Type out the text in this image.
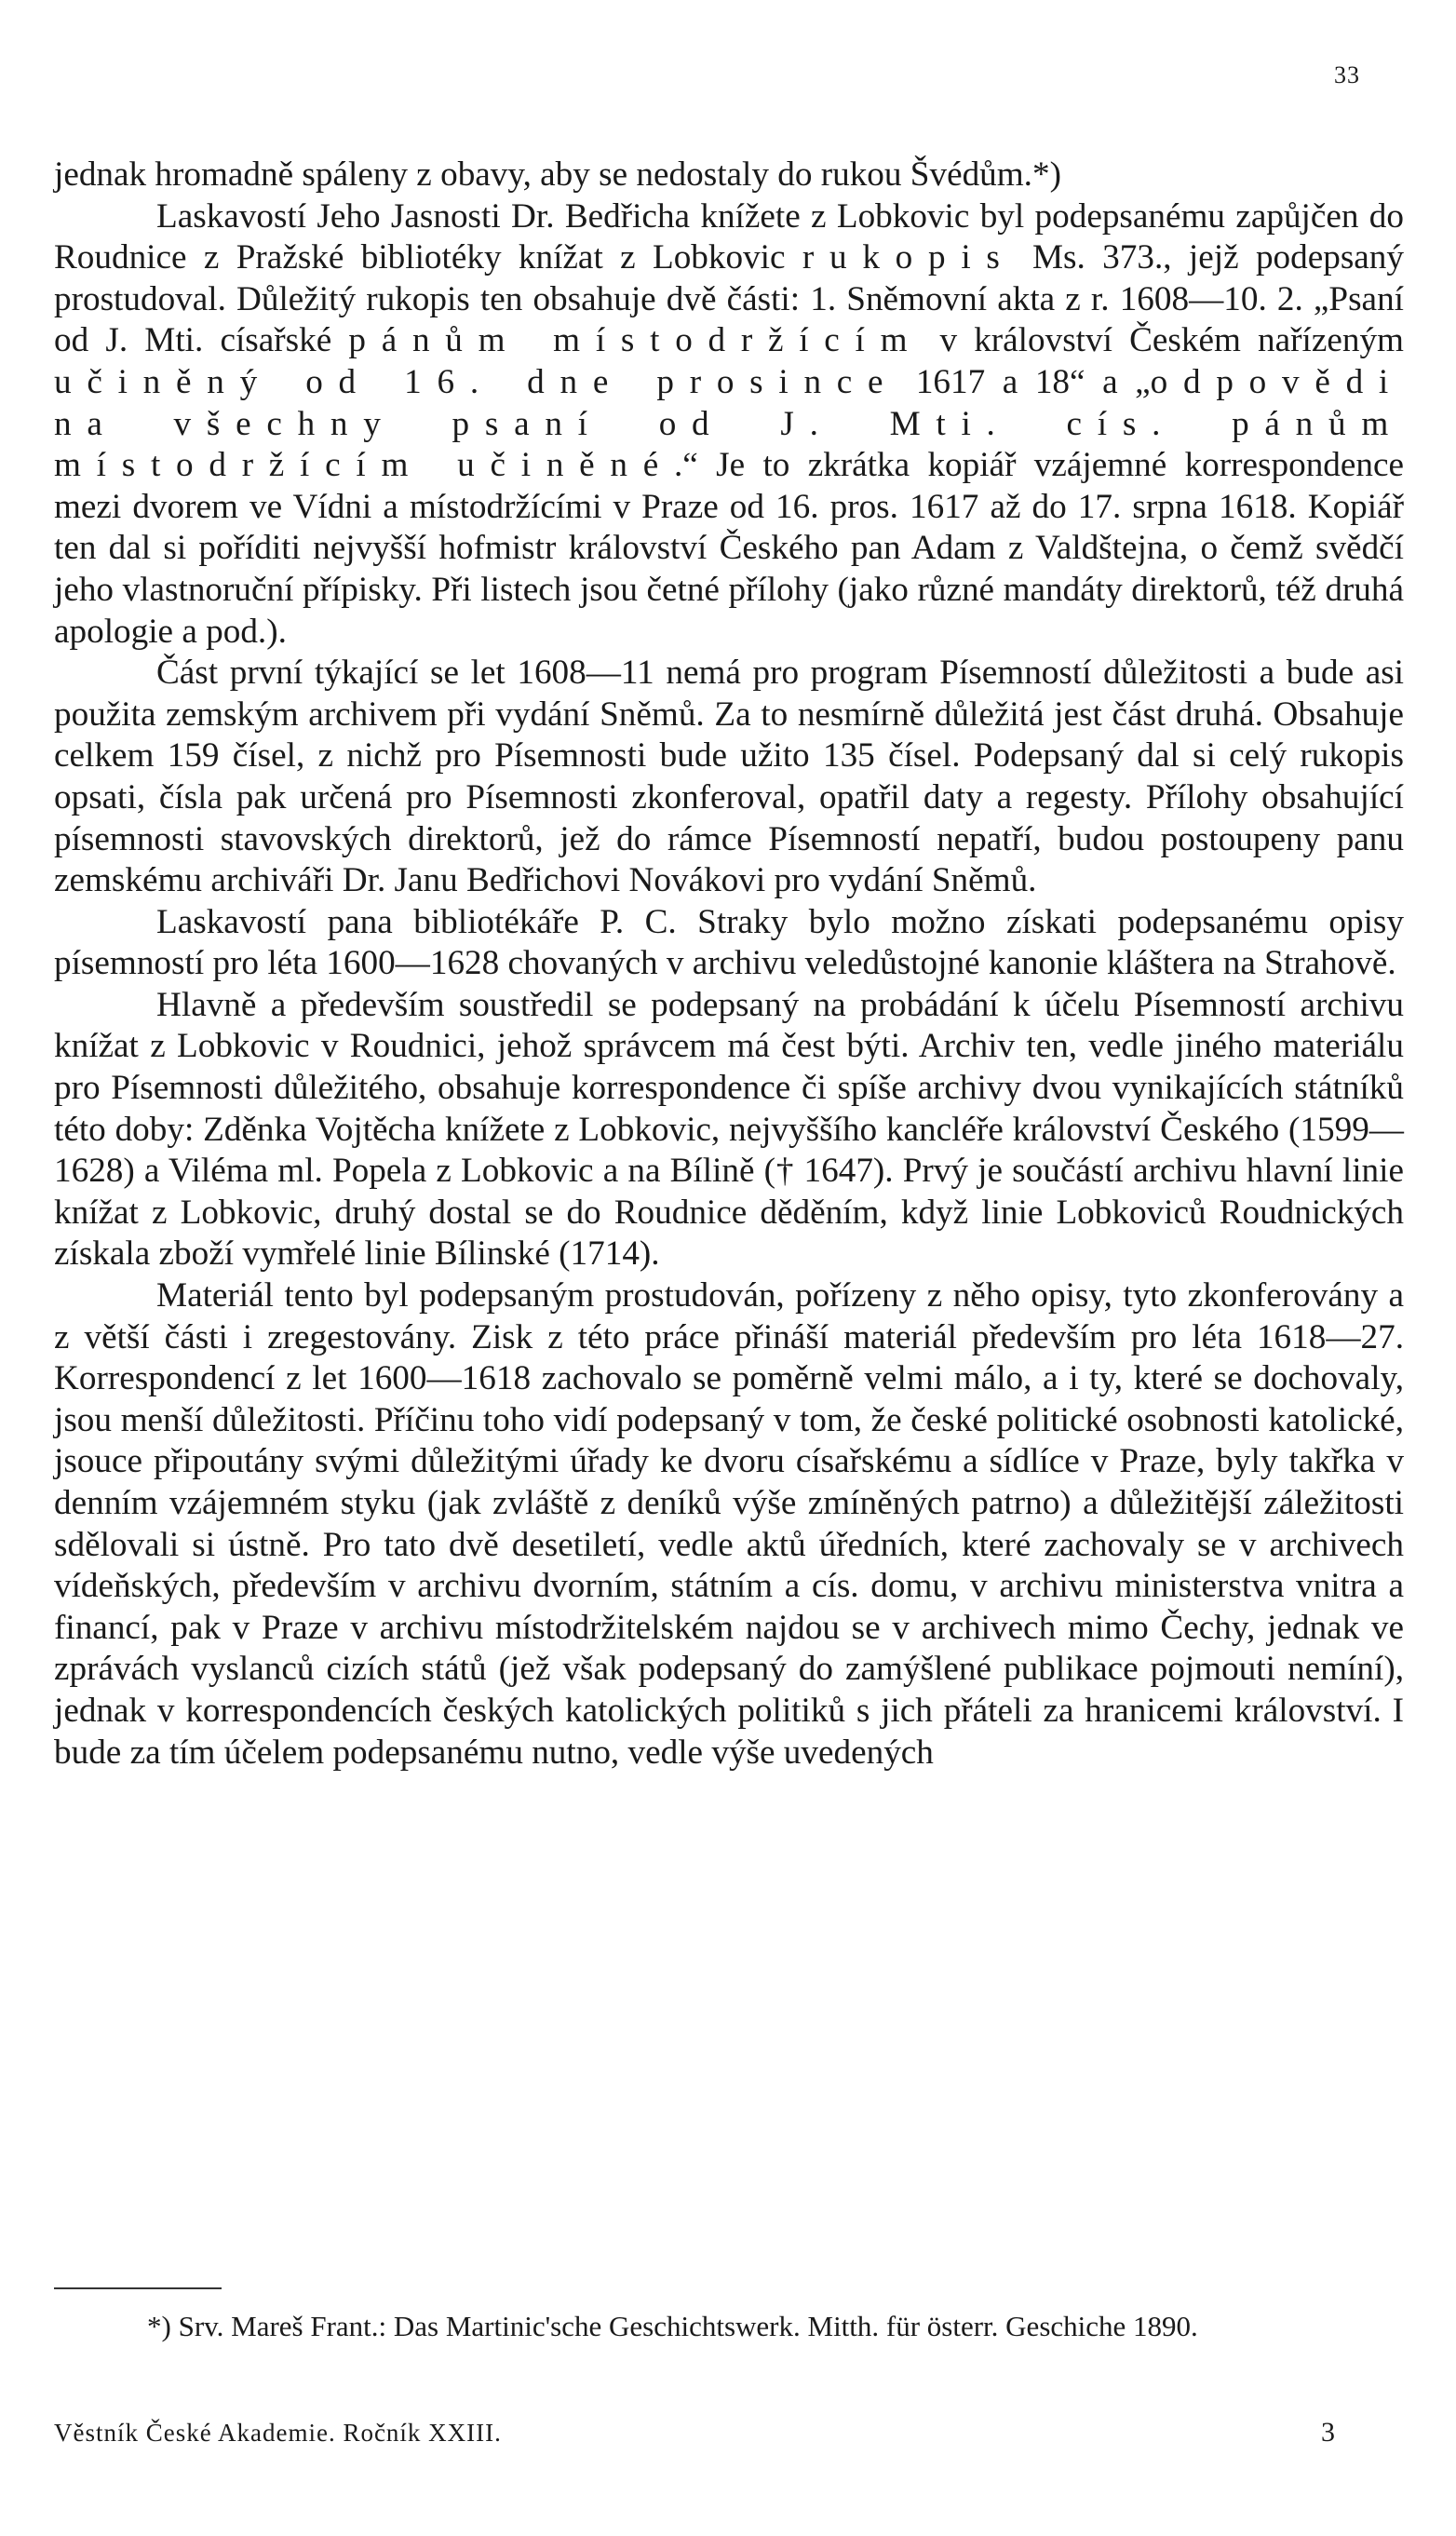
33

jednak hromadně spáleny z obavy, aby se nedostaly do rukou Švédům.*)

Laskavostí Jeho Jasnosti Dr. Bedřicha knížete z Lobkovic byl podepsanému zapůjčen do Roudnice z Pražské bibliotéky knížat z Lobkovic rukopis Ms. 373., jejž podepsaný prostudoval. Důležitý rukopis ten obsahuje dvě části: 1. Sněmovní akta z r. 1608—10. 2. „Psaní od J. Mti. císařské pánům místodržícím v království Českém nařízeným učiněný od 16. dne prosince 1617 a 18“ a „odpovědi na všechny psaní od J. Mti. cís. pánům místodržícím učiněné.“ Je to zkrátka kopiář vzájemné korrespondence mezi dvorem ve Vídni a místodržícími v Praze od 16. pros. 1617 až do 17. srpna 1618. Kopiář ten dal si poříditi nejvyšší hofmistr království Českého pan Adam z Valdštejna, o čemž svědčí jeho vlastnoruční přípisky. Při listech jsou četné přílohy (jako různé mandáty direktorů, též druhá apologie a pod.).

Část první týkající se let 1608—11 nemá pro program Písemností důležitosti a bude asi použita zemským archivem při vydání Sněmů. Za to nesmírně důležitá jest část druhá. Obsahuje celkem 159 čísel, z nichž pro Písemnosti bude užito 135 čísel. Podepsaný dal si celý rukopis opsati, čísla pak určená pro Písemnosti zkonferoval, opatřil daty a regesty. Přílohy obsahující písemnosti stavovských direktorů, jež do rámce Písemností nepatří, budou postoupeny panu zemskému archiváři Dr. Janu Bedřichovi Novákovi pro vydání Sněmů.

Laskavostí pana bibliotékáře P. C. Straky bylo možno získati podepsanému opisy písemností pro léta 1600—1628 chovaných v archivu veledůstojné kanonie kláštera na Strahově.

Hlavně a především soustředil se podepsaný na probádání k účelu Písemností archivu knížat z Lobkovic v Roudnici, jehož správcem má čest býti. Archiv ten, vedle jiného materiálu pro Písemnosti důležitého, obsahuje korrespondence či spíše archivy dvou vynikajících státníků této doby: Zděnka Vojtěcha knížete z Lobkovic, nejvyššího kancléře království Českého (1599—1628) a Viléma ml. Popela z Lobkovic a na Bílině († 1647). Prvý je součástí archivu hlavní linie knížat z Lobkovic, druhý dostal se do Roudnice děděním, když linie Lobkoviců Roudnických získala zboží vymřelé linie Bílinské (1714).

Materiál tento byl podepsaným prostudován, pořízeny z něho opisy, tyto zkonferovány a z větší části i zregestovány. Zisk z této práce přináší materiál především pro léta 1618—27. Korrespondencí z let 1600—1618 zachovalo se poměrně velmi málo, a i ty, které se dochovaly, jsou menší důležitosti. Příčinu toho vidí podepsaný v tom, že české politické osobnosti katolické, jsouce připoutány svými důležitými úřady ke dvoru císařskému a sídlíce v Praze, byly takřka v denním vzájemném styku (jak zvláště z deníků výše zmíněných patrno) a důležitější záležitosti sdělovali si ústně. Pro tato dvě desetiletí, vedle aktů úředních, které zachovaly se v archivech vídeňských, především v archivu dvorním, státním a cís. domu, v archivu ministerstva vnitra a financí, pak v Praze v archivu místodržitelském najdou se v archivech mimo Čechy, jednak ve zprávách vyslanců cizích států (jež však podepsaný do zamýšlené publikace pojmouti nemíní), jednak v korrespondencích českých katolických politiků s jich přáteli za hranicemi království. I bude za tím účelem podepsanému nutno, vedle výše uvedených

*) Srv. Mareš Frant.: Das Martinic'sche Geschichtswerk. Mitth. für österr. Geschiche 1890.
Věstník České Akademie. Ročník XXIII.	3
